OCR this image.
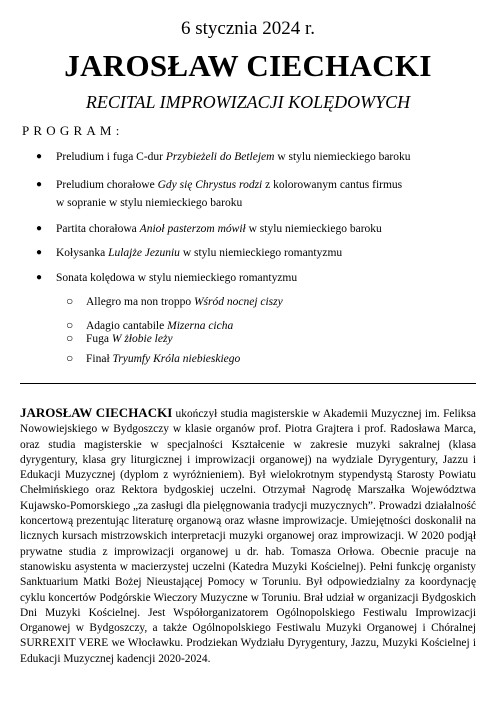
6 stycznia 2024 r.
JAROSŁAW CIECHACKI
RECITAL IMPROWIZACJI KOLĘDOWYCH
PROGRAM:
● Preludium i fuga C-dur Przybieżeli do Betlejem w stylu niemieckiego baroku
● Preludium chorałowe Gdy się Chrystus rodzi z kolorowanym cantus firmus
w sopranie w stylu niemieckiego baroku
● Partita chorałowa Anioł pasterzom mówił w stylu niemieckiego baroku
● Kołysanka Lulajże Jezuniu w stylu niemieckiego romantyzmu
● Sonata kolędowa w stylu niemieckiego romantyzmu
○ Allegro ma non troppo Wśród nocnej ciszy
○ Adagio cantabile Mizerna cicha
○ Fuga W żłobie leży
○ Finał Tryumfy Króla niebieskiego
JAROSŁAW CIECHACKI ukończył studia magisterskie w Akademii Muzycznej im. Feliksa Nowowiejskiego w Bydgoszczy w klasie organów prof. Piotra Grajtera i prof. Radosława Marca, oraz studia magisterskie w specjalności Kształcenie w zakresie muzyki sakralnej (klasa dyrygentury, klasa gry liturgicznej i improwizacji organowej) na wydziale Dyrygentury, Jazzu i Edukacji Muzycznej (dyplom z wyróżnieniem). Był wielokrotnym stypendystą Starosty Powiatu Chełmińskiego oraz Rektora bydgoskiej uczelni. Otrzymał Nagrodę Marszałka Województwa Kujawsko-Pomorskiego „za zasługi dla pielęgnowania tradycji muzycznych”. Prowadzi działalność koncertową prezentując literaturę organową oraz własne improwizacje. Umiejętności doskonalił na licznych kursach mistrzowskich interpretacji muzyki organowej oraz improwizacji. W 2020 podjął prywatne studia z improwizacji organowej u dr. hab. Tomasza Orłowa. Obecnie pracuje na stanowisku asystenta w macierzystej uczelni (Katedra Muzyki Kościelnej). Pełni funkcję organisty Sanktuarium Matki Bożej Nieustającej Pomocy w Toruniu. Był odpowiedzialny za koordynację cyklu koncertów Podgórskie Wieczory Muzyczne w Toruniu. Brał udział w organizacji Bydgoskich Dni Muzyki Kościelnej. Jest Współorganizatorem Ogólnopolskiego Festiwalu Improwizacji Organowej w Bydgoszczy, a także Ogólnopolskiego Festiwalu Muzyki Organowej i Chóralnej SURREXIT VERE we Włocławku. Prodziekan Wydziału Dyrygentury, Jazzu, Muzyki Kościelnej i Edukacji Muzycznej kadencji 2020-2024.
